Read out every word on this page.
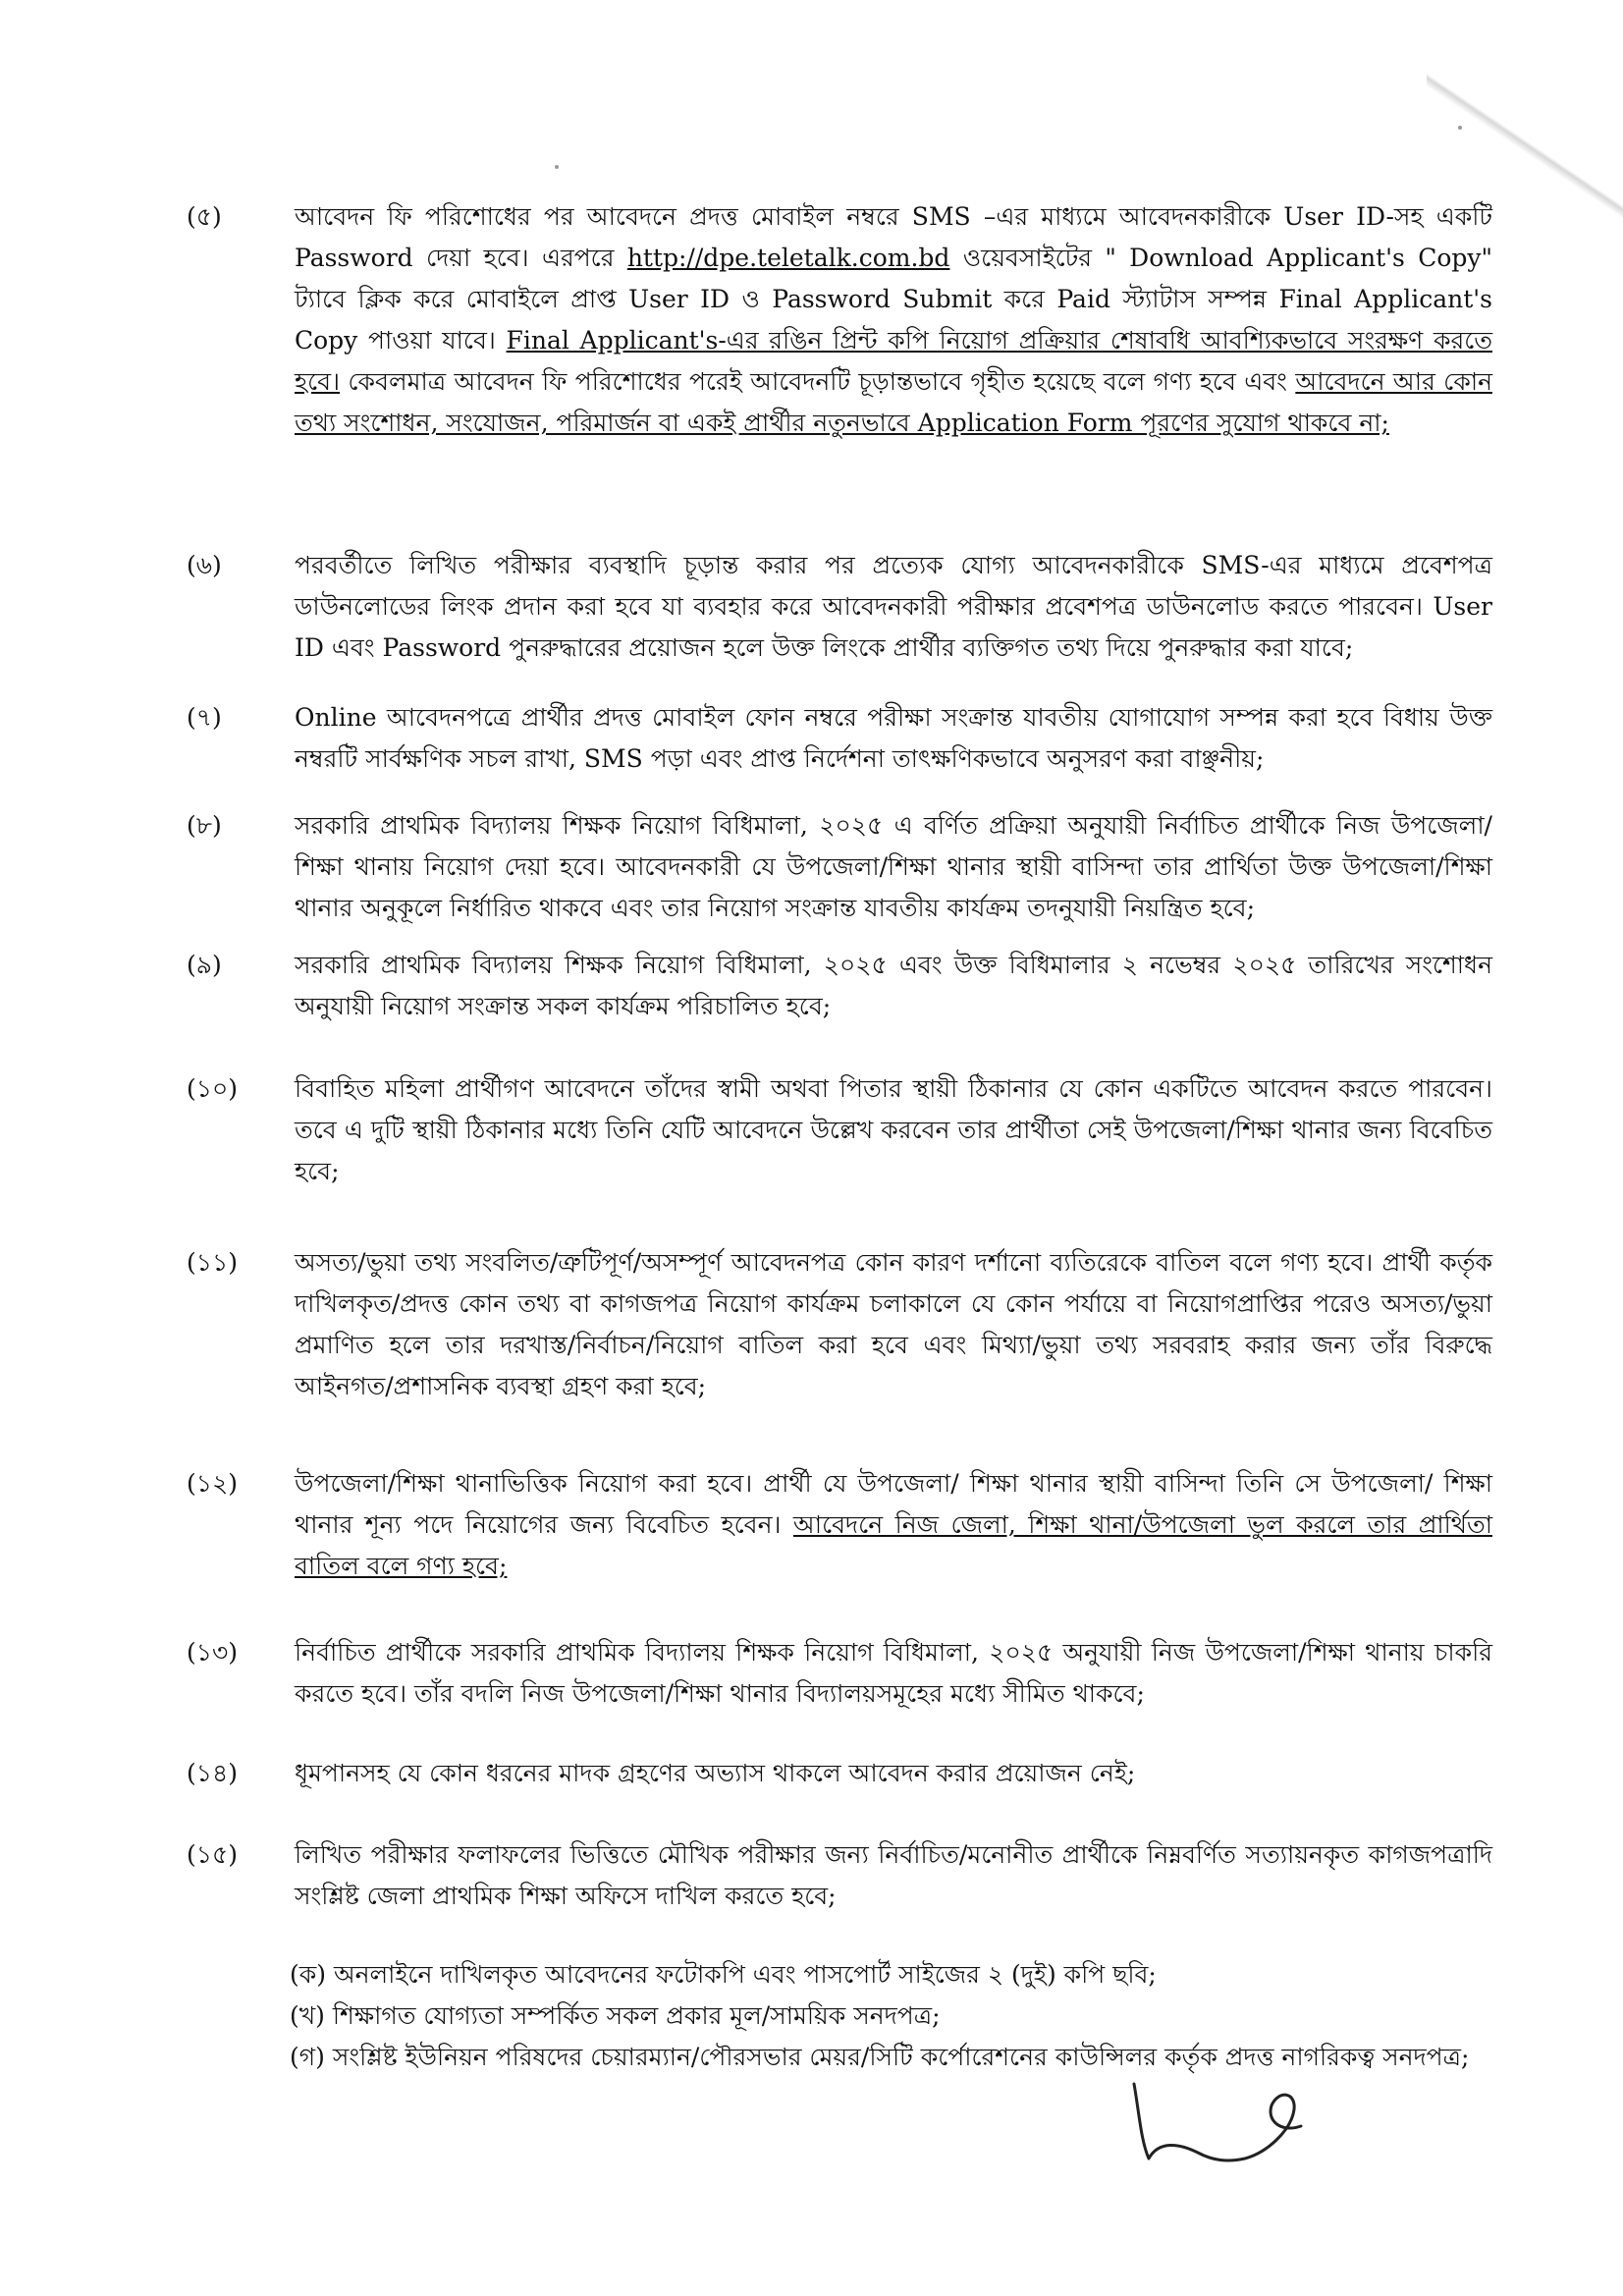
(৫)	আবেদন ফি পরিশোধের পর আবেদনে প্রদত্ত মোবাইল নম্বরে SMS –এর মাধ্যমে আবেদনকারীকে User ID-সহ একটি Password দেয়া হবে। এরপরে http://dpe.teletalk.com.bd ওয়েবসাইটের " Download Applicant's Copy" ট্যাবে ক্লিক করে মোবাইলে প্রাপ্ত User ID ও Password Submit করে Paid স্ট্যাটাস সম্পন্ন Final Applicant's Copy পাওয়া যাবে। Final Applicant's-এর রঙিন প্রিন্ট কপি নিয়োগ প্রক্রিয়ার শেষাবধি আবশ্যিকভাবে সংরক্ষণ করতে হবে। কেবলমাত্র আবেদন ফি পরিশোধের পরেই আবেদনটি চূড়ান্তভাবে গৃহীত হয়েছে বলে গণ্য হবে এবং আবেদনে আর কোন তথ্য সংশোধন, সংযোজন, পরিমার্জন বা একই প্রার্থীর নতুনভাবে Application Form পূরণের সুযোগ থাকবে না;
(৬)	পরবর্তীতে লিখিত পরীক্ষার ব্যবস্থাদি চূড়ান্ত করার পর প্রত্যেক যোগ্য আবেদনকারীকে SMS-এর মাধ্যমে প্রবেশপত্র ডাউনলোডের লিংক প্রদান করা হবে যা ব্যবহার করে আবেদনকারী পরীক্ষার প্রবেশপত্র ডাউনলোড করতে পারবেন। User ID এবং Password পুনরুদ্ধারের প্রয়োজন হলে উক্ত লিংকে প্রার্থীর ব্যক্তিগত তথ্য দিয়ে পুনরুদ্ধার করা যাবে;
(৭)	Online আবেদনপত্রে প্রার্থীর প্রদত্ত মোবাইল ফোন নম্বরে পরীক্ষা সংক্রান্ত যাবতীয় যোগাযোগ সম্পন্ন করা হবে বিধায় উক্ত নম্বরটি সার্বক্ষণিক সচল রাখা, SMS পড়া এবং প্রাপ্ত নির্দেশনা তাৎক্ষণিকভাবে অনুসরণ করা বাঞ্ছনীয়;
(৮)	সরকারি প্রাথমিক বিদ্যালয় শিক্ষক নিয়োগ বিধিমালা, ২০২৫ এ বর্ণিত প্রক্রিয়া অনুযায়ী নির্বাচিত প্রার্থীকে নিজ উপজেলা/শিক্ষা থানায় নিয়োগ দেয়া হবে। আবেদনকারী যে উপজেলা/শিক্ষা থানার স্থায়ী বাসিন্দা তার প্রার্থিতা উক্ত উপজেলা/শিক্ষা থানার অনুকূলে নির্ধারিত থাকবে এবং তার নিয়োগ সংক্রান্ত যাবতীয় কার্যক্রম তদনুযায়ী নিয়ন্ত্রিত হবে;
(৯)	সরকারি প্রাথমিক বিদ্যালয় শিক্ষক নিয়োগ বিধিমালা, ২০২৫ এবং উক্ত বিধিমালার ২ নভেম্বর ২০২৫ তারিখের সংশোধন অনুযায়ী নিয়োগ সংক্রান্ত সকল কার্যক্রম পরিচালিত হবে;
(১০)	বিবাহিত মহিলা প্রার্থীগণ আবেদনে তাঁদের স্বামী অথবা পিতার স্থায়ী ঠিকানার যে কোন একটিতে আবেদন করতে পারবেন। তবে এ দুটি স্থায়ী ঠিকানার মধ্যে তিনি যেটি আবেদনে উল্লেখ করবেন তার প্রার্থীতা সেই উপজেলা/শিক্ষা থানার জন্য বিবেচিত হবে;
(১১)	অসত্য/ভুয়া তথ্য সংবলিত/ত্রুটিপূর্ণ/অসম্পূর্ণ আবেদনপত্র কোন কারণ দর্শানো ব্যতিরেকে বাতিল বলে গণ্য হবে। প্রার্থী কর্তৃক দাখিলকৃত/প্রদত্ত কোন তথ্য বা কাগজপত্র নিয়োগ কার্যক্রম চলাকালে যে কোন পর্যায়ে বা নিয়োগপ্রাপ্তির পরেও অসত্য/ভুয়া প্রমাণিত হলে তার দরখাস্ত/নির্বাচন/নিয়োগ বাতিল করা হবে এবং মিথ্যা/ভুয়া তথ্য সরবরাহ করার জন্য তাঁর বিরুদ্ধে আইনগত/প্রশাসনিক ব্যবস্থা গ্রহণ করা হবে;
(১২)	উপজেলা/শিক্ষা থানাভিত্তিক নিয়োগ করা হবে। প্রার্থী যে উপজেলা/ শিক্ষা থানার স্থায়ী বাসিন্দা তিনি সে উপজেলা/ শিক্ষা থানার শূন্য পদে নিয়োগের জন্য বিবেচিত হবেন। আবেদনে নিজ জেলা, শিক্ষা থানা/উপজেলা ভুল করলে তার প্রার্থিতা বাতিল বলে গণ্য হবে;
(১৩)	নির্বাচিত প্রার্থীকে সরকারি প্রাথমিক বিদ্যালয় শিক্ষক নিয়োগ বিধিমালা, ২০২৫ অনুযায়ী নিজ উপজেলা/শিক্ষা থানায় চাকরি করতে হবে। তাঁর বদলি নিজ উপজেলা/শিক্ষা থানার বিদ্যালয়সমূহের মধ্যে সীমিত থাকবে;
(১৪)	ধূমপানসহ যে কোন ধরনের মাদক গ্রহণের অভ্যাস থাকলে আবেদন করার প্রয়োজন নেই;
(১৫)	লিখিত পরীক্ষার ফলাফলের ভিত্তিতে মৌখিক পরীক্ষার জন্য নির্বাচিত/মনোনীত প্রার্থীকে নিম্নবর্ণিত সত্যায়নকৃত কাগজপত্রাদি সংশ্লিষ্ট জেলা প্রাথমিক শিক্ষা অফিসে দাখিল করতে হবে;
(ক) অনলাইনে দাখিলকৃত আবেদনের ফটোকপি এবং পাসপোর্ট সাইজের ২ (দুই) কপি ছবি;
(খ) শিক্ষাগত যোগ্যতা সম্পর্কিত সকল প্রকার মূল/সাময়িক সনদপত্র;
(গ) সংশ্লিষ্ট ইউনিয়ন পরিষদের চেয়ারম্যান/পৌরসভার মেয়র/সিটি কর্পোরেশনের কাউন্সিলর কর্তৃক প্রদত্ত নাগরিকত্ব সনদপত্র;
